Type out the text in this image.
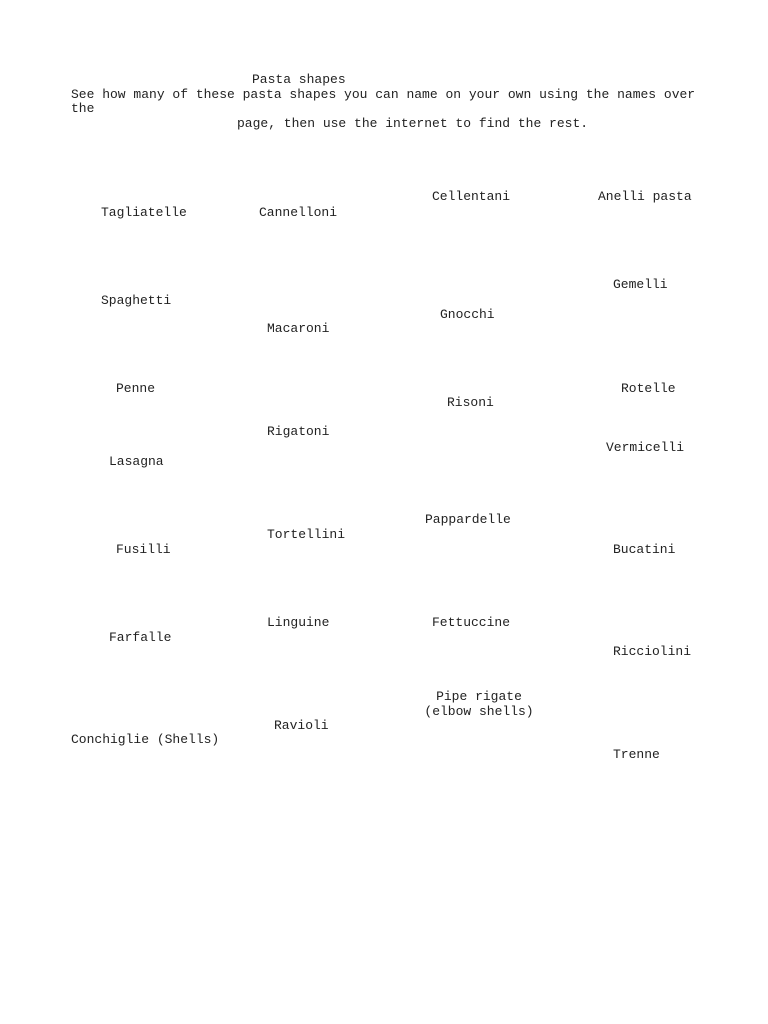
Pasta shapes
See how many of these pasta shapes you can name on your own using the names over
the
page, then use the internet to find the rest.
Tagliatelle	Cannelloni
Cellentani	Anelli pasta
Spaghetti
Macaroni
Gnocchi
Gemelli
Penne
Risoni
Rotelle
Rigatoni
Lasagna
Vermicelli
Pappardelle
Tortellini
Fusilli	Bucatini
Linguine	Fettuccine
Farfalle
Ricciolini
Pipe rigate (elbow shells)
Ravioli
Conchiglie (Shells)
Trenne
